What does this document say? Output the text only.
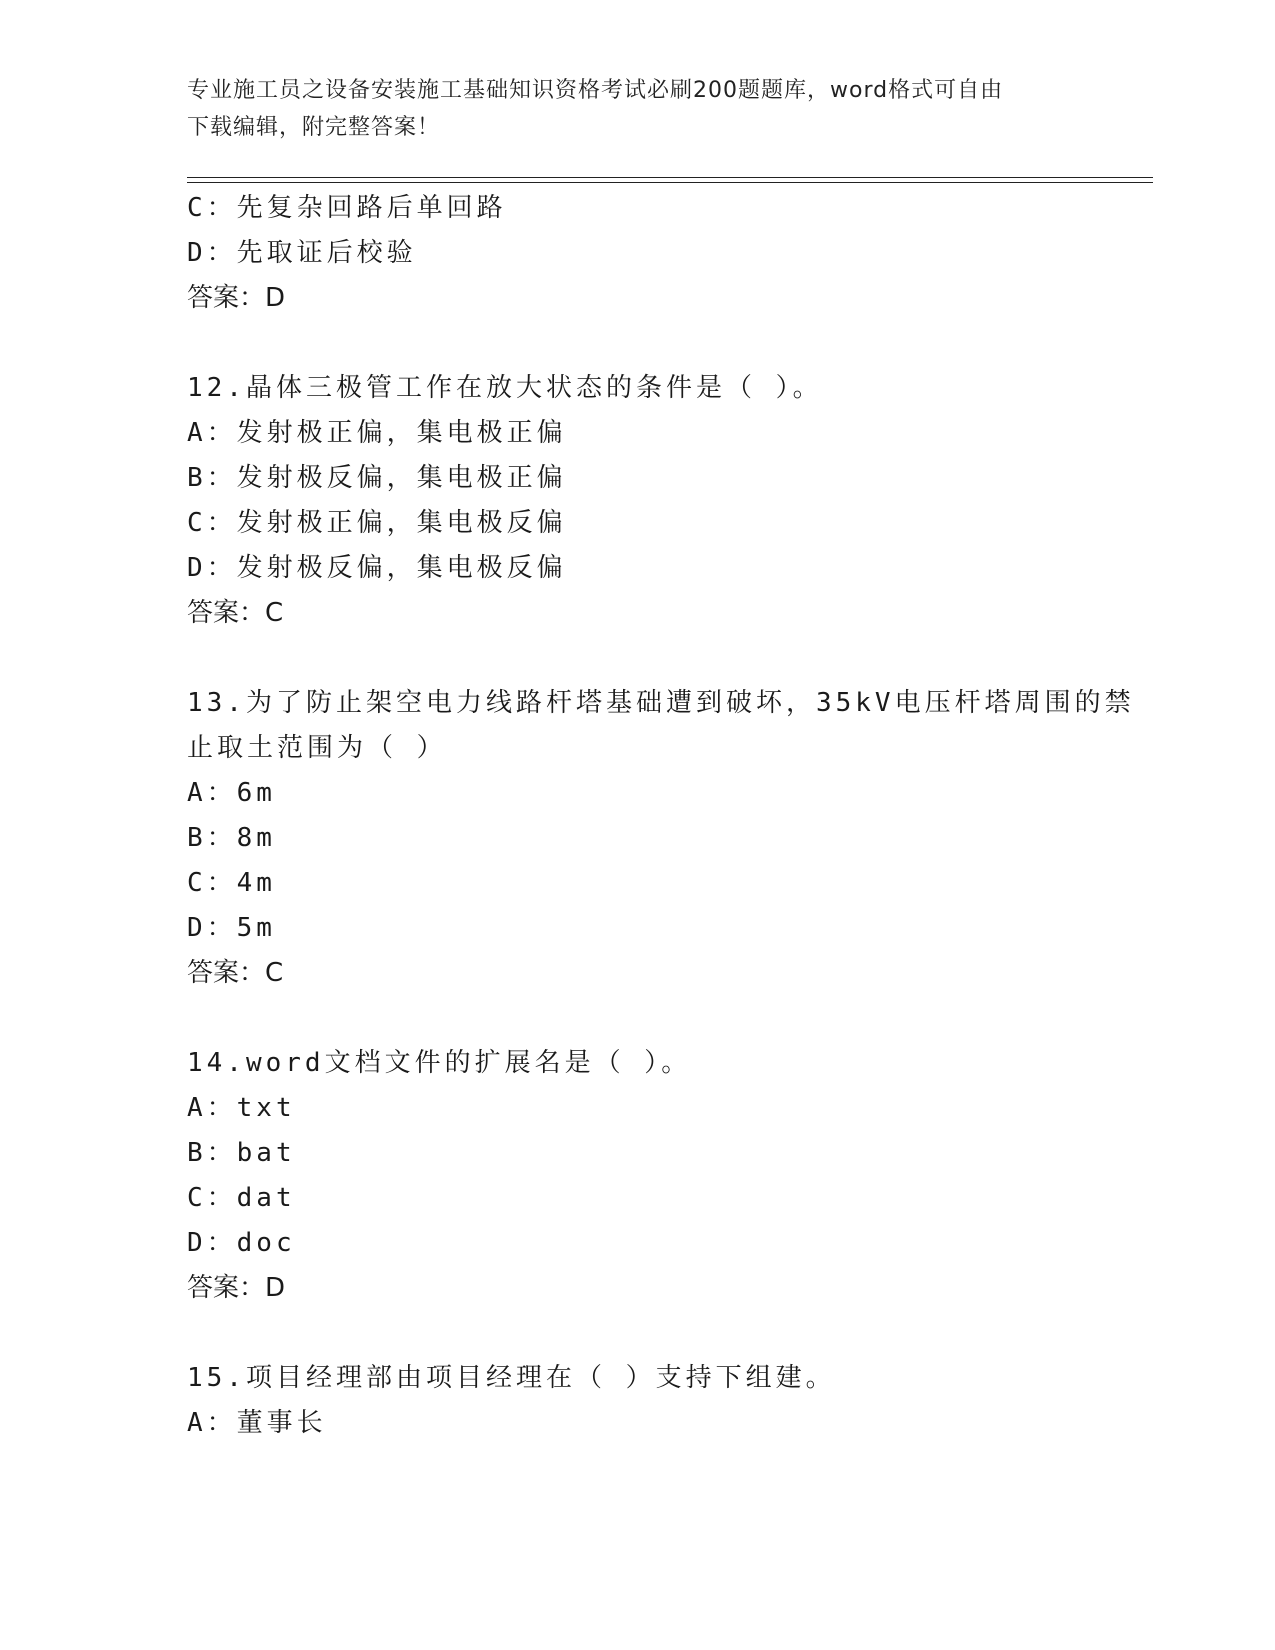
专业施工员之设备安装施工基础知识资格考试必刷200题题库，word格式可自由
下载编辑，附完整答案！
C：先复杂回路后单回路
D：先取证后校验
答案：D
12.晶体三极管工作在放大状态的条件是（ ）。
A：发射极正偏，集电极正偏
B：发射极反偏，集电极正偏
C：发射极正偏，集电极反偏
D：发射极反偏，集电极反偏
答案：C
13.为了防止架空电力线路杆塔基础遭到破坏，35kV电压杆塔周围的禁
止取土范围为（ ）
A：6m
B：8m
C：4m
D：5m
答案：C
14.word文档文件的扩展名是（ ）。
A：txt
B：bat
C：dat
D：doc
答案：D
15.项目经理部由项目经理在（ ）支持下组建。
A：董事长
